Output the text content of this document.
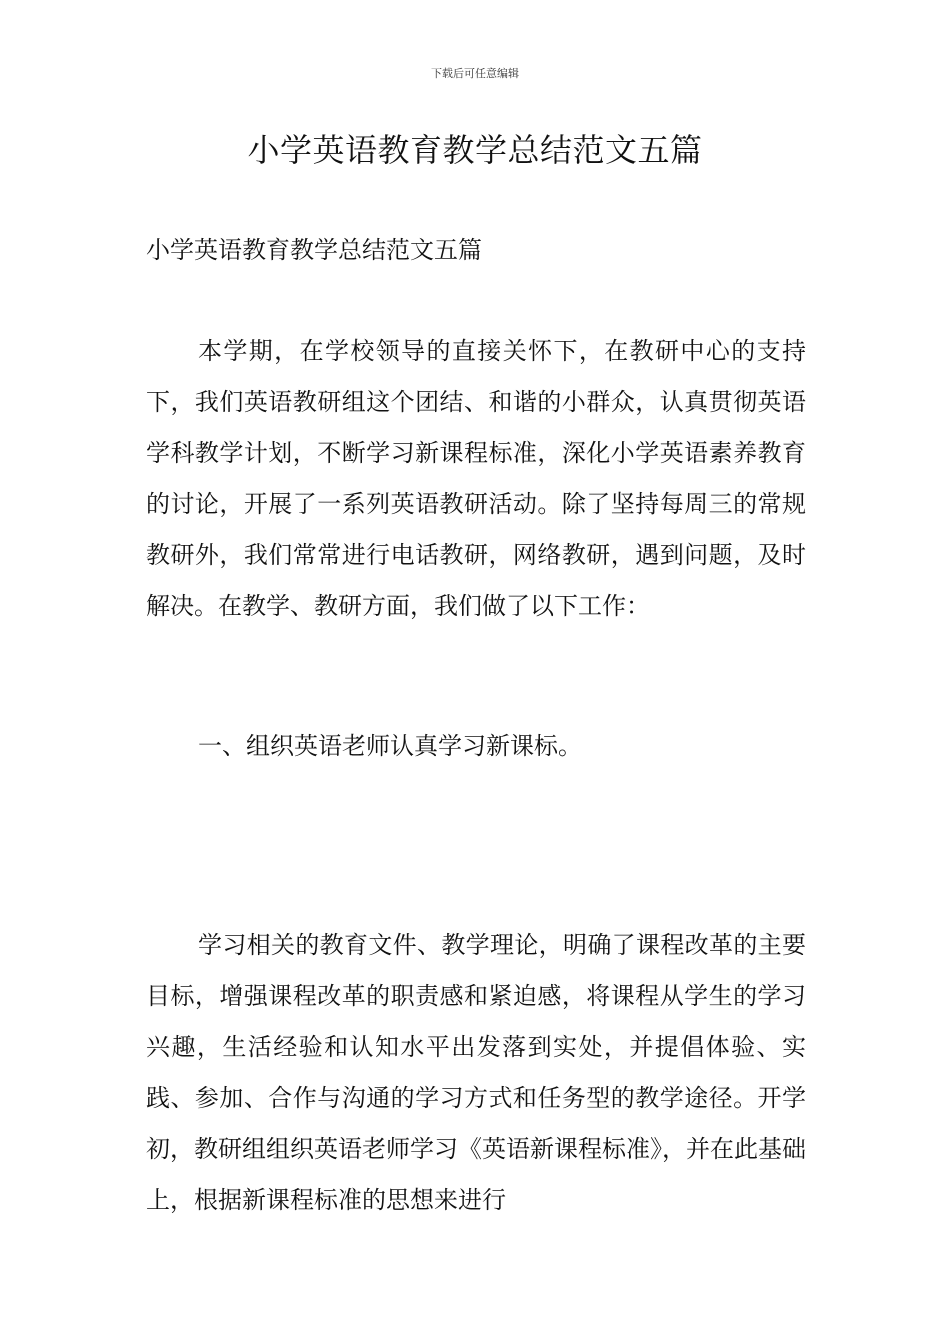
下载后可任意编辑
小学英语教育教学总结范文五篇

小学英语教育教学总结范文五篇

本学期，在学校领导的直接关怀下，在教研中心的支持下，我们英语教研组这个团结、和谐的小群众，认真贯彻英语学科教学计划，不断学习新课程标准，深化小学英语素养教育的讨论，开展了一系列英语教研活动。除了坚持每周三的常规教研外，我们常常进行电话教研，网络教研，遇到问题，及时解决。在教学、教研方面，我们做了以下工作：

一、组织英语老师认真学习新课标。

学习相关的教育文件、教学理论，明确了课程改革的主要目标，增强课程改革的职责感和紧迫感，将课程从学生的学习兴趣，生活经验和认知水平出发落到实处，并提倡体验、实践、参加、合作与沟通的学习方式和任务型的教学途径。开学初，教研组组织英语老师学习《英语新课程标准》，并在此基础上，根据新课程标准的思想来进行
